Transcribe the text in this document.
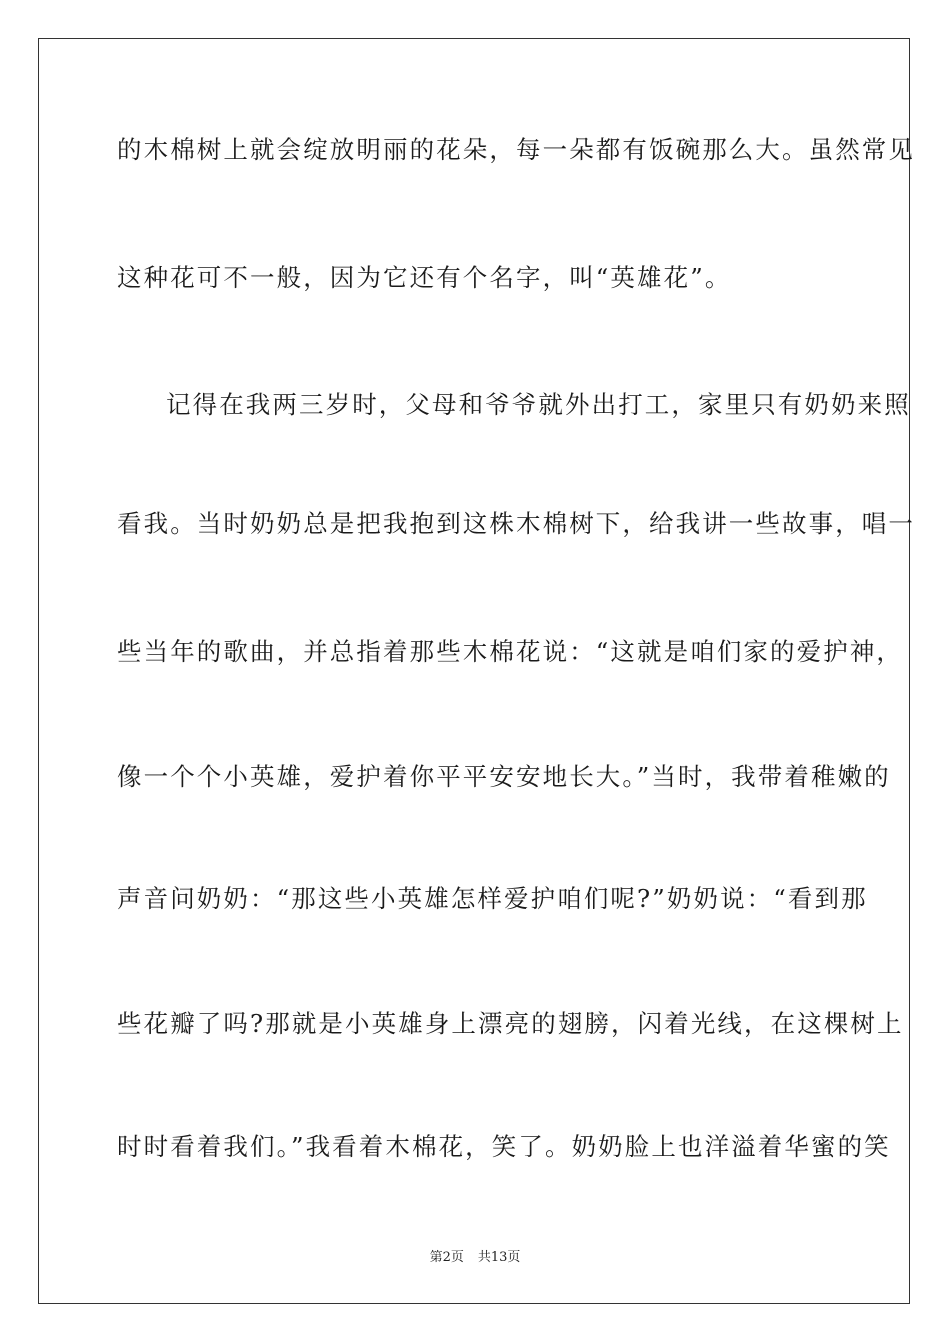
的木棉树上就会绽放明丽的花朵，每一朵都有饭碗那么大。虽然常见
这种花可不一般，因为它还有个名字，叫“英雄花”。
记得在我两三岁时，父母和爷爷就外出打工，家里只有奶奶来照
看我。当时奶奶总是把我抱到这株木棉树下，给我讲一些故事，唱一
些当年的歌曲，并总指着那些木棉花说：“这就是咱们家的爱护神，
像一个个小英雄，爱护着你平平安安地长大。”当时，我带着稚嫩的
声音问奶奶：“那这些小英雄怎样爱护咱们呢?”奶奶说：“看到那
些花瓣了吗?那就是小英雄身上漂亮的翅膀，闪着光线，在这棵树上
时时看着我们。”我看着木棉花，笑了。奶奶脸上也洋溢着华蜜的笑
第2页 共13页
